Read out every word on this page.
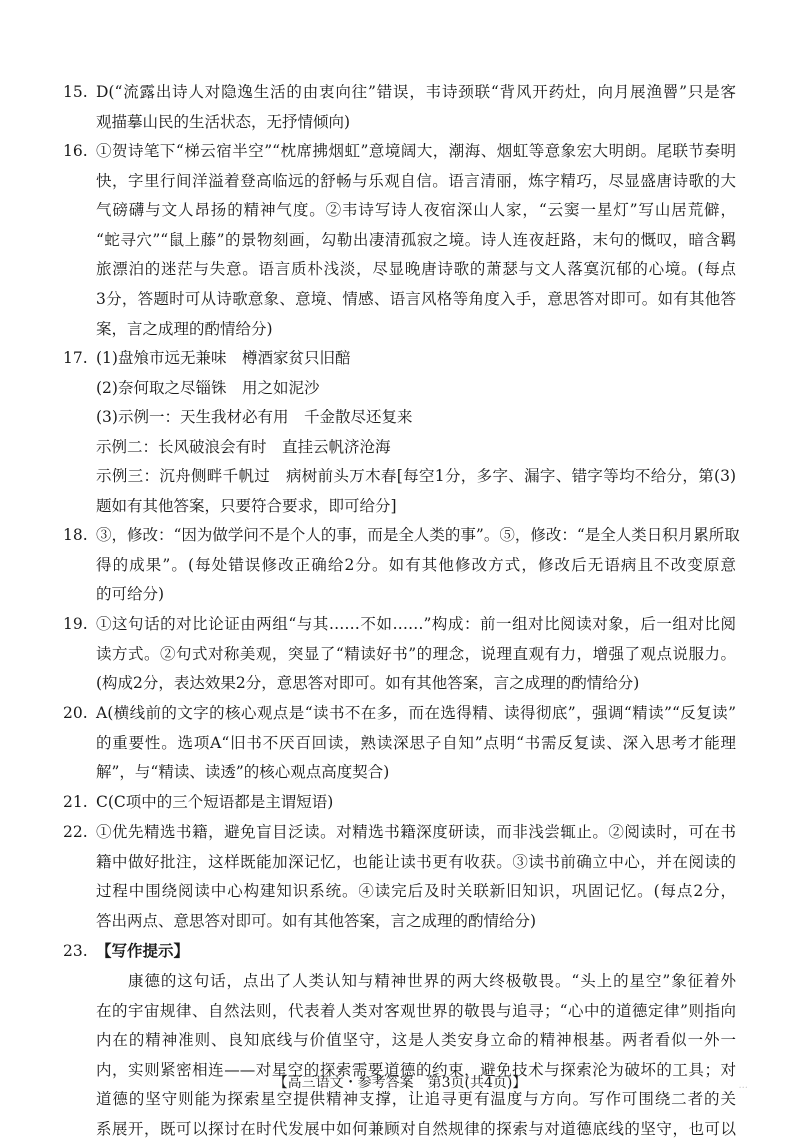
15. D(“流露出诗人对隐逸生活的由衷向往”错误，韦诗颈联“背风开药灶，向月展渔罾”只是客
观描摹山民的生活状态，无抒情倾向)
16. ①贺诗笔下“梯云宿半空”“枕席拂烟虹”意境阔大，潮海、烟虹等意象宏大明朗。尾联节奏明
快，字里行间洋溢着登高临远的舒畅与乐观自信。语言清丽，炼字精巧，尽显盛唐诗歌的大
气磅礴与文人昂扬的精神气度。②韦诗写诗人夜宿深山人家，“云窦一星灯”写山居荒僻，
“蛇寻穴”“鼠上藤”的景物刻画，勾勒出凄清孤寂之境。诗人连夜赶路，末句的慨叹，暗含羁
旅漂泊的迷茫与失意。语言质朴浅淡，尽显晚唐诗歌的萧瑟与文人落寞沉郁的心境。(每点
3分，答题时可从诗歌意象、意境、情感、语言风格等角度入手，意思答对即可。如有其他答
案，言之成理的酌情给分)
17. (1)盘飧市远无兼味　樽酒家贫只旧醅
(2)奈何取之尽锱铢　用之如泥沙
(3)示例一：天生我材必有用　千金散尽还复来
示例二：长风破浪会有时　直挂云帆济沧海
示例三：沉舟侧畔千帆过　病树前头万木春[每空1分，多字、漏字、错字等均不给分，第(3)
题如有其他答案，只要符合要求，即可给分]
18. ③，修改：“因为做学问不是个人的事，而是全人类的事”。⑤，修改：“是全人类日积月累所取
得的成果”。(每处错误修改正确给2分。如有其他修改方式，修改后无语病且不改变原意
的可给分)
19. ①这句话的对比论证由两组“与其……不如……”构成：前一组对比阅读对象，后一组对比阅
读方式。②句式对称美观，突显了“精读好书”的理念，说理直观有力，增强了观点说服力。
(构成2分，表达效果2分，意思答对即可。如有其他答案，言之成理的酌情给分)
20. A(横线前的文字的核心观点是“读书不在多，而在选得精、读得彻底”，强调“精读”“反复读”
的重要性。选项A“旧书不厌百回读，熟读深思子自知”点明“书需反复读、深入思考才能理
解”，与“精读、读透”的核心观点高度契合)
21. C(C项中的三个短语都是主谓短语)
22. ①优先精选书籍，避免盲目泛读。对精选书籍深度研读，而非浅尝辄止。②阅读时，可在书
籍中做好批注，这样既能加深记忆，也能让读书更有收获。③读书前确立中心，并在阅读的
过程中围绕阅读中心构建知识系统。④读完后及时关联新旧知识，巩固记忆。(每点2分，
答出两点、意思答对即可。如有其他答案，言之成理的酌情给分)
23. 【写作提示】
康德的这句话，点出了人类认知与精神世界的两大终极敬畏。“头上的星空”象征着外
在的宇宙规律、自然法则，代表着人类对客观世界的敬畏与追寻；“心中的道德定律”则指向
内在的精神准则、良知底线与价值坚守，这是人类安身立命的精神根基。两者看似一外一
内，实则紧密相连——对星空的探索需要道德的约束，避免技术与探索沦为破坏的工具；对
道德的坚守则能为探索星空提供精神支撑，让追寻更有温度与方向。写作可围绕二者的关
系展开，既可以探讨在时代发展中如何兼顾对自然规律的探索与对道德底线的坚守，也可以
【高三语文・参考答案　第3页(共4页)】	...
